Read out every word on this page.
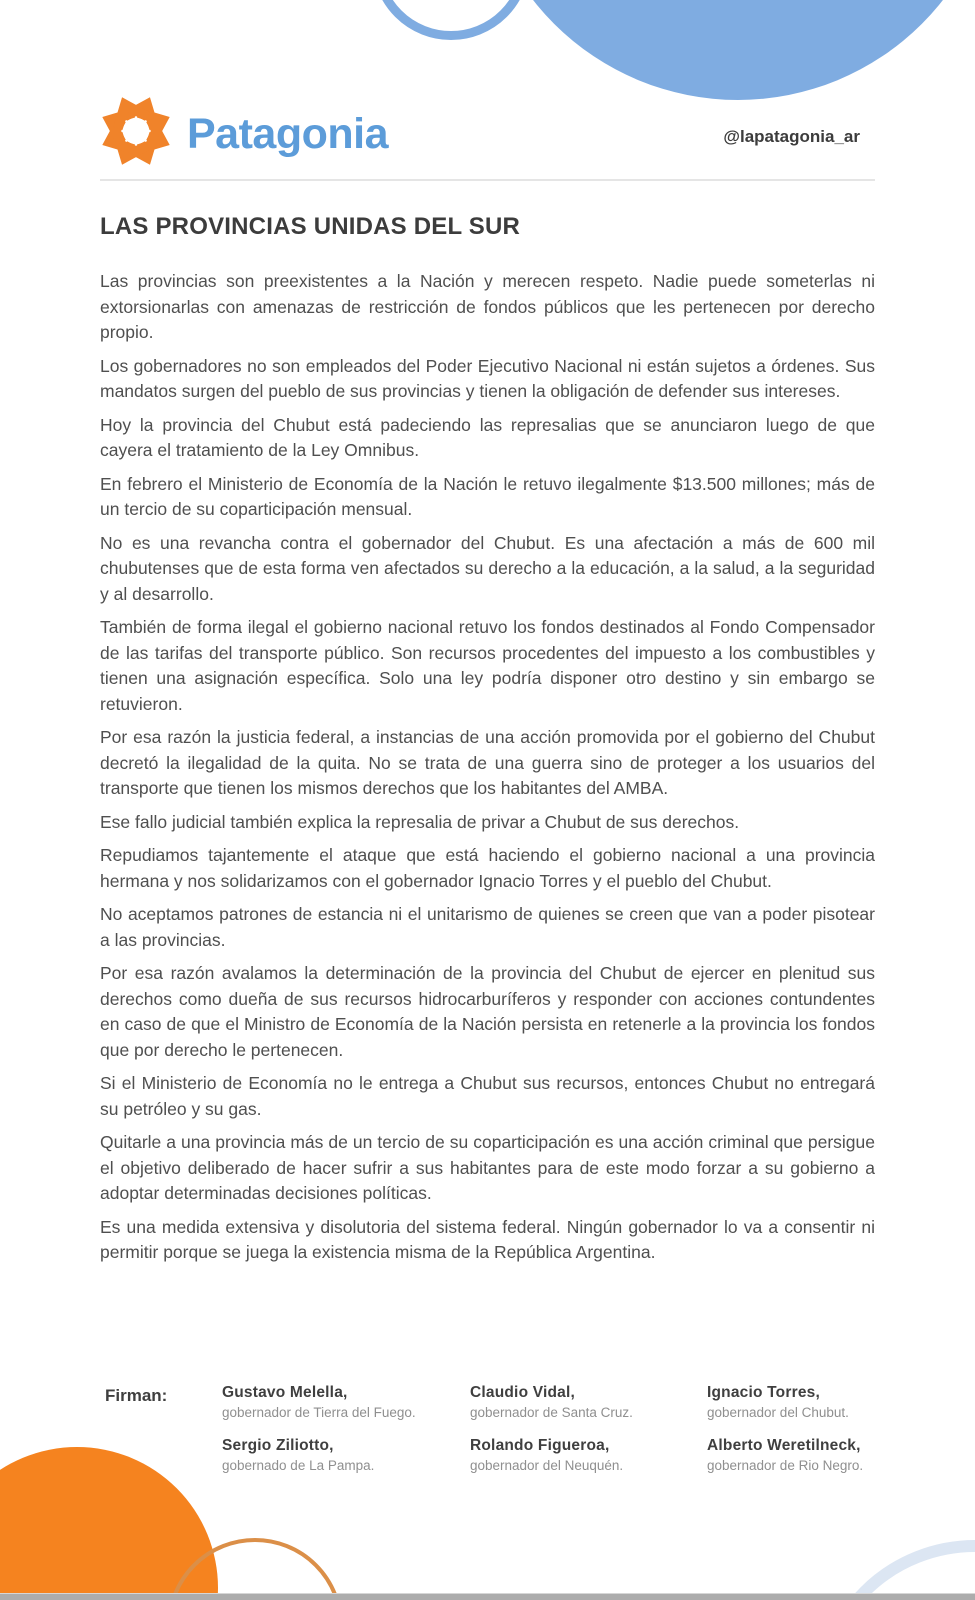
Patagonia	@lapatagonia_ar
LAS PROVINCIAS UNIDAS DEL SUR

Las provincias son preexistentes a la Nación y merecen respeto. Nadie puede someterlas ni extorsionarlas con amenazas de restricción de fondos públicos que les pertenecen por derecho propio.

Los gobernadores no son empleados del Poder Ejecutivo Nacional ni están sujetos a órdenes. Sus mandatos surgen del pueblo de sus provincias y tienen la obligación de defender sus intereses.

Hoy la provincia del Chubut está padeciendo las represalias que se anunciaron luego de que cayera el tratamiento de la Ley Omnibus.

En febrero el Ministerio de Economía de la Nación le retuvo ilegalmente $13.500 millones; más de un tercio de su coparticipación mensual.

No es una revancha contra el gobernador del Chubut. Es una afectación a más de 600 mil chubutenses que de esta forma ven afectados su derecho a la educación, a la salud, a la seguridad y al desarrollo.

También de forma ilegal el gobierno nacional retuvo los fondos destinados al Fondo Compensador de las tarifas del transporte público. Son recursos procedentes del impuesto a los combustibles y tienen una asignación específica. Solo una ley podría disponer otro destino y sin embargo se retuvieron.

Por esa razón la justicia federal, a instancias de una acción promovida por el gobierno del Chubut decretó la ilegalidad de la quita. No se trata de una guerra sino de proteger a los usuarios del transporte que tienen los mismos derechos que los habitantes del AMBA.

Ese fallo judicial también explica la represalia de privar a Chubut de sus derechos.

Repudiamos tajantemente el ataque que está haciendo el gobierno nacional a una provincia hermana y nos solidarizamos con el gobernador Ignacio Torres y el pueblo del Chubut.

No aceptamos patrones de estancia ni el unitarismo de quienes se creen que van a poder pisotear a las provincias.

Por esa razón avalamos la determinación de la provincia del Chubut de ejercer en plenitud sus derechos como dueña de sus recursos hidrocarburíferos y responder con acciones contundentes en caso de que el Ministro de Economía de la Nación persista en retenerle a la provincia los fondos que por derecho le pertenecen.

Si el Ministerio de Economía no le entrega a Chubut sus recursos, entonces Chubut no entregará su petróleo y su gas.

Quitarle a una provincia más de un tercio de su coparticipación es una acción criminal que persigue el objetivo deliberado de hacer sufrir a sus habitantes para de este modo forzar a su gobierno a adoptar determinadas decisiones políticas.

Es una medida extensiva y disolutoria del sistema federal. Ningún gobernador lo va a consentir ni permitir porque se juega la existencia misma de la República Argentina.

Firman:	Gustavo Melella,
gobernador de Tierra del Fuego.
Claudio Vidal,
gobernador de Santa Cruz.
Ignacio Torres,
gobernador del Chubut.
Sergio Ziliotto,
gobernado de La Pampa.
Rolando Figueroa,
gobernador del Neuquén.
Alberto Weretilneck,
gobernador de Rio Negro.
